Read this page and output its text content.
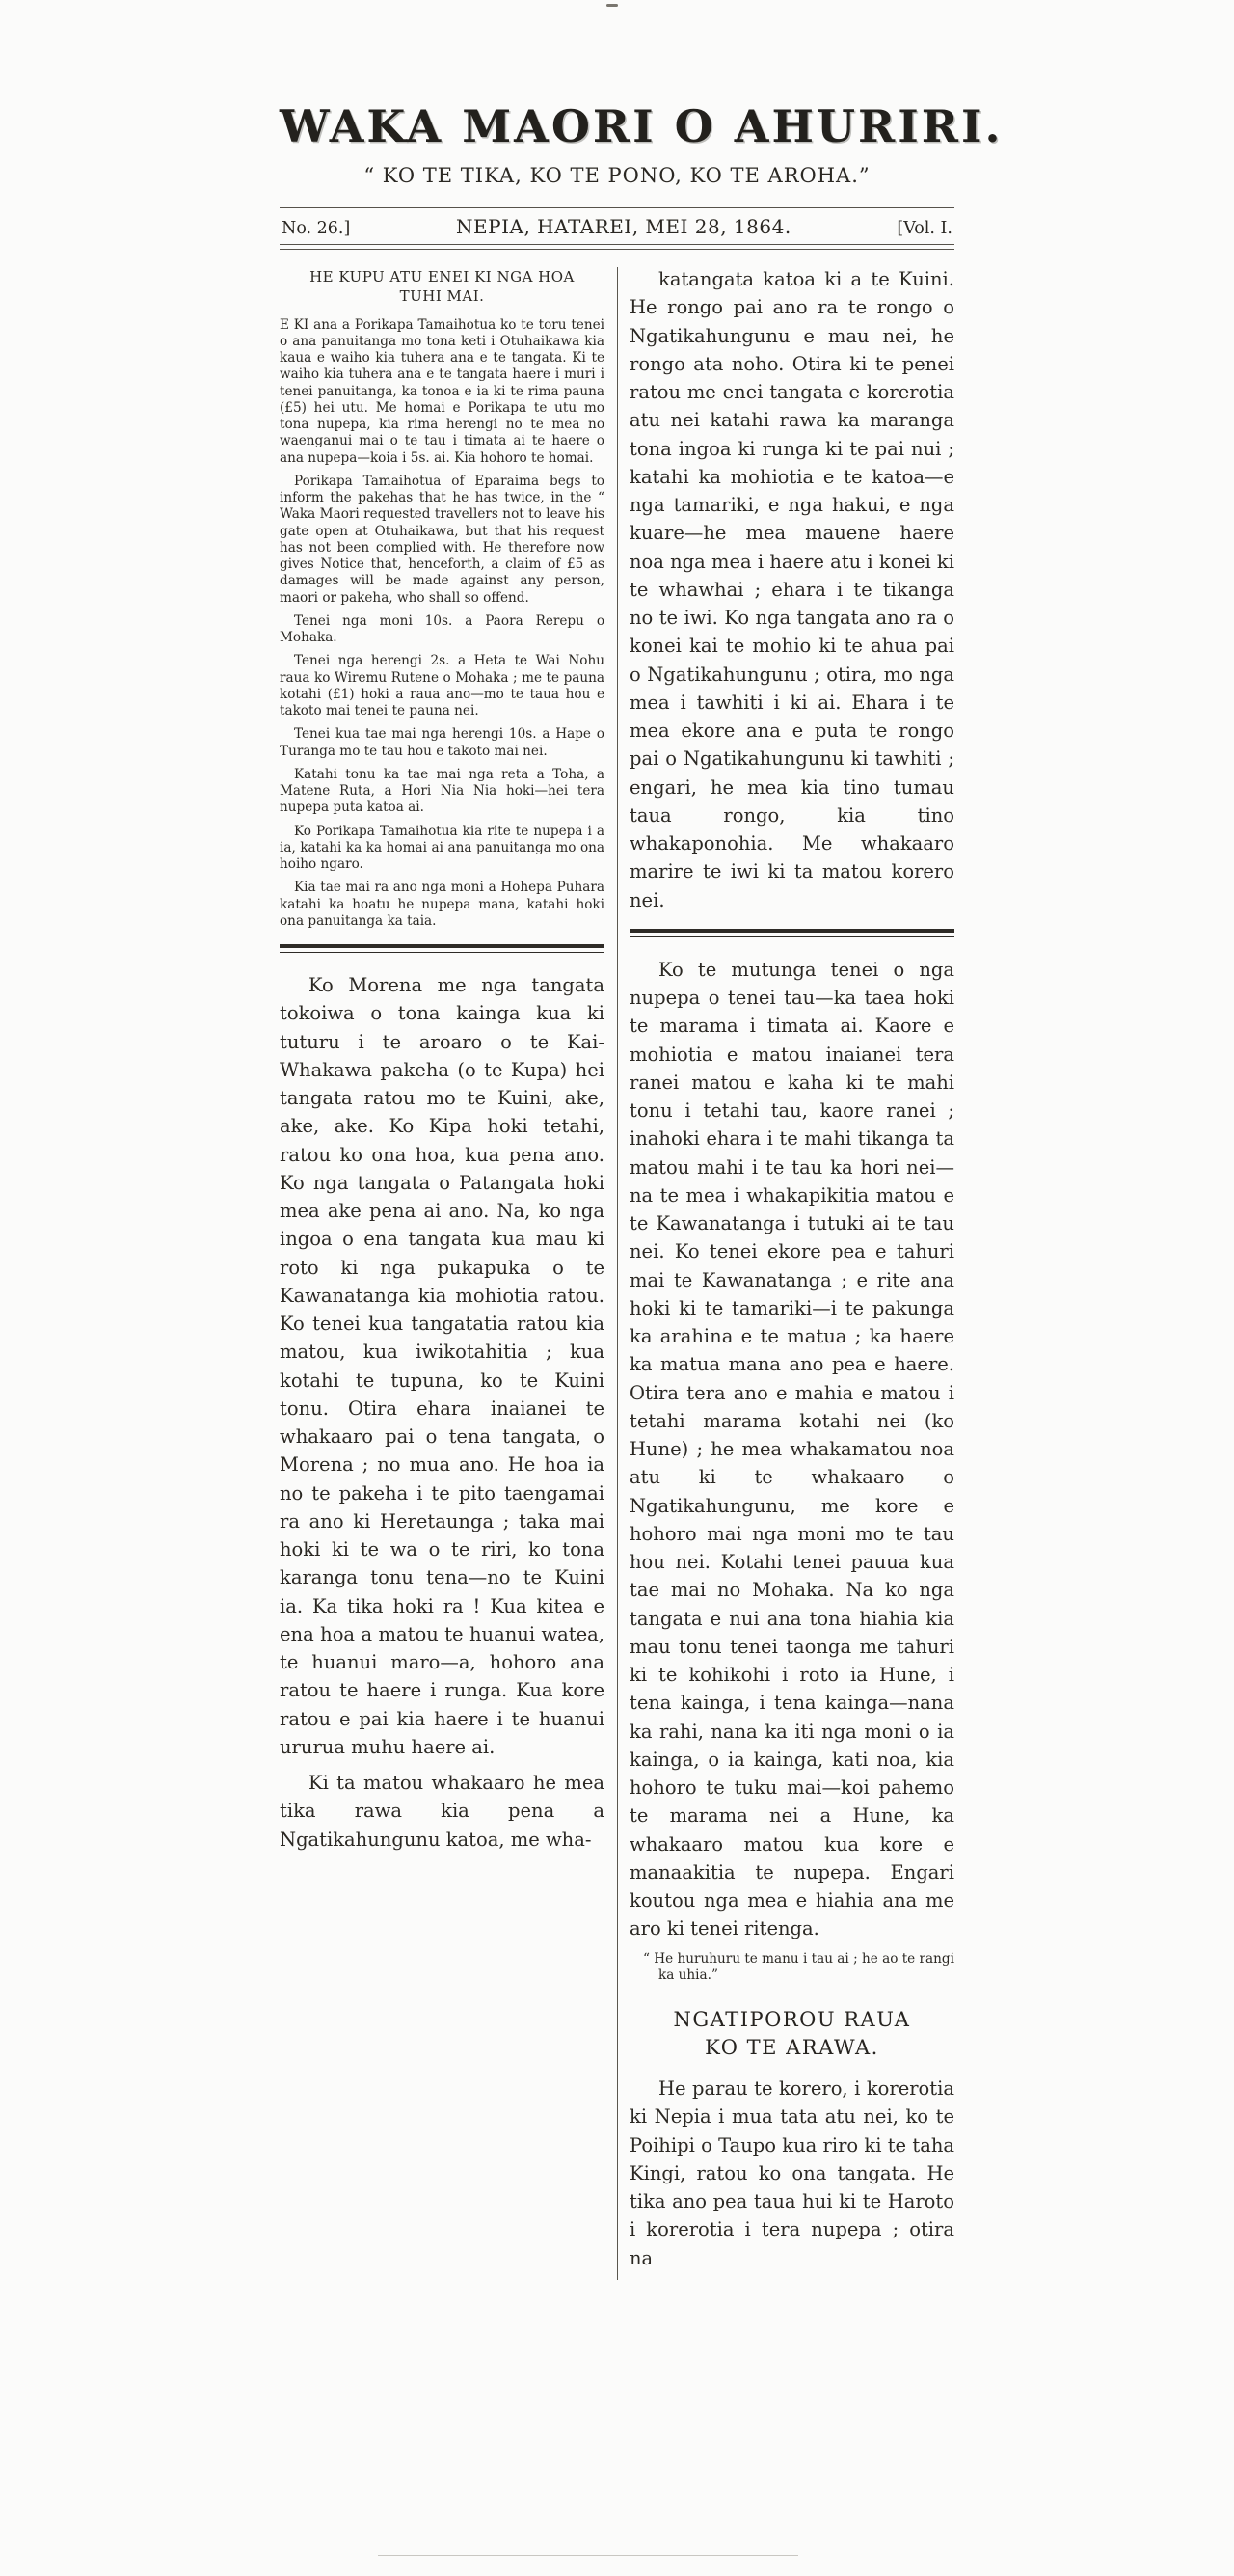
WAKA MAORI O AHURIRI.
“ KO TE TIKA, KO TE PONO, KO TE AROHA.”
No. 26.]	NEPIA, HATAREI, MEI 28, 1864.	[Vol. I.
HE KUPU ATU ENEI KI NGA HOA TUHI MAI.

E KI ana a Porikapa Tamaihotua ko te toru tenei o ana panuitanga mo tona keti i Otuhaikawa kia kaua e waiho kia tuhera ana e te tangata. Ki te waiho kia tuhera ana e te tangata haere i muri i tenei panuitanga, ka tonoa e ia ki te rima pauna (£5) hei utu. Me homai e Porikapa te utu mo tona nupepa, kia rima herengi no te mea no waenganui mai o te tau i timata ai te haere o ana nupepa—koia i 5s. ai. Kia hohoro te homai.

Porikapa Tamaihotua of Eparaima begs to inform the pakehas that he has twice, in the “ Waka Maori requested travellers not to leave his gate open at Otuhaikawa, but that his request has not been complied with. He therefore now gives Notice that, henceforth, a claim of £5 as damages will be made against any person, maori or pakeha, who shall so offend.

Tenei nga moni 10s. a Paora Rerepu o Mohaka.

Tenei nga herengi 2s. a Heta te Wai Nohu raua ko Wiremu Rutene o Mohaka ; me te pauna kotahi (£1) hoki a raua ano—mo te taua hou e takoto mai tenei te pauna nei.

Tenei kua tae mai nga herengi 10s. a Hape o Turanga mo te tau hou e takoto mai nei.

Katahi tonu ka tae mai nga reta a Toha, a Matene Ruta, a Hori Nia Nia hoki—hei tera nupepa puta katoa ai.

Ko Porikapa Tamaihotua kia rite te nupepa i a ia, katahi ka ka homai ai ana panuitanga mo ona hoiho ngaro.

Kia tae mai ra ano nga moni a Hohepa Puhara katahi ka hoatu he nupepa mana, katahi hoki ona panuitanga ka taia.

Ko Morena me nga tangata tokoiwa o tona kainga kua ki tuturu i te aroaro o te Kai-Whakawa pakeha (o te Kupa) hei tangata ratou mo te Kuini, ake, ake, ake. Ko Kipa hoki tetahi, ratou ko ona hoa, kua pena ano. Ko nga tangata o Patangata hoki mea ake pena ai ano. Na, ko nga ingoa o ena tangata kua mau ki roto ki nga pukapuka o te Kawanatanga kia mohiotia ratou. Ko tenei kua tangatatia ratou kia matou, kua iwikotahitia ; kua kotahi te tupuna, ko te Kuini tonu. Otira ehara inaianei te whakaaro pai o tena tangata, o Morena ; no mua ano. He hoa ia no te pakeha i te pito taengamai ra ano ki Heretaunga ; taka mai hoki ki te wa o te riri, ko tona karanga tonu tena—no te Kuini ia. Ka tika hoki ra ! Kua kitea e ena hoa a matou te huanui watea, te huanui maro—a, hohoro ana ratou te haere i runga. Kua kore ratou e pai kia haere i te huanui ururua muhu haere ai.

Ki ta matou whakaaro he mea tika rawa kia pena a Ngatikahungunu katoa, me wha-

katangata katoa ki a te Kuini. He rongo pai ano ra te rongo o Ngatikahungunu e mau nei, he rongo ata noho. Otira ki te penei ratou me enei tangata e korerotia atu nei katahi rawa ka maranga tona ingoa ki runga ki te pai nui ; katahi ka mohiotia e te katoa—e nga tamariki, e nga hakui, e nga kuare—he mea mauene haere noa nga mea i haere atu i konei ki te whawhai ; ehara i te tikanga no te iwi. Ko nga tangata ano ra o konei kai te mohio ki te ahua pai o Ngatikahungunu ; otira, mo nga mea i tawhiti i ki ai. Ehara i te mea ekore ana e puta te rongo pai o Ngatikahungunu ki tawhiti ; engari, he mea kia tino tumau taua rongo, kia tino whakaponohia. Me whakaaro marire te iwi ki ta matou korero nei.

Ko te mutunga tenei o nga nupepa o tenei tau—ka taea hoki te marama i timata ai. Kaore e mohiotia e matou inaianei tera ranei matou e kaha ki te mahi tonu i tetahi tau, kaore ranei ; inahoki ehara i te mahi tikanga ta matou mahi i te tau ka hori nei—na te mea i whakapikitia matou e te Kawanatanga i tutuki ai te tau nei. Ko tenei ekore pea e tahuri mai te Kawanatanga ; e rite ana hoki ki te tamariki—i te pakunga ka arahina e te matua ; ka haere ka matua mana ano pea e haere. Otira tera ano e mahia e matou i tetahi marama kotahi nei (ko Hune) ; he mea whakamatou noa atu ki te whakaaro o Ngatikahungunu, me kore e hohoro mai nga moni mo te tau hou nei. Kotahi tenei pauua kua tae mai no Mohaka. Na ko nga tangata e nui ana tona hiahia kia mau tonu tenei taonga me tahuri ki te kohikohi i roto ia Hune, i tena kainga, i tena kainga—nana ka rahi, nana ka iti nga moni o ia kainga, o ia kainga, kati noa, kia hohoro te tuku mai—koi pahemo te marama nei a Hune, ka whakaaro matou kua kore e manaakitia te nupepa. Engari koutou nga mea e hiahia ana me aro ki tenei ritenga.

“ He huruhuru te manu i tau ai ; he ao te rangi ka uhia.”

NGATIPOROU RAUA KO TE ARAWA.

He parau te korero, i korerotia ki Nepia i mua tata atu nei, ko te Poihipi o Taupo kua riro ki te taha Kingi, ratou ko ona tangata. He tika ano pea taua hui ki te Haroto i korerotia i tera nupepa ; otira na
